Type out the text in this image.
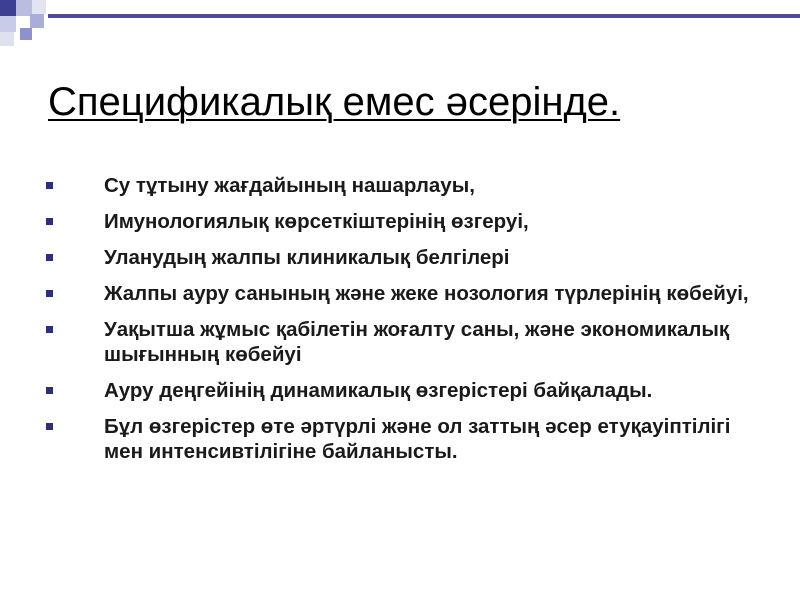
Спецификалық емес әсерінде.
Су тұтыну жағдайының нашарлауы,
Имунологиялық көрсеткіштерінің өзгеруі,
Уланудың жалпы клиникалық белгілері
Жалпы ауру санының және жеке нозология түрлерінің көбейуі,
Уақытша жұмыс қабілетін жоғалту саны, және экономикалық шығынның көбейуі
Ауру деңгейінің динамикалық өзгерістері байқалады.
Бұл өзгерістер өте әртүрлі және ол заттың әсер етуқауіптілігі мен интенсивтілігіне байланысты.
